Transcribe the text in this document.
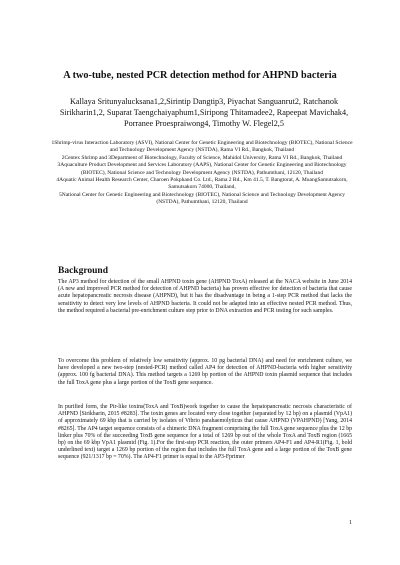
A two-tube, nested PCR detection method for AHPND bacteria
Kallaya Sritunyalucksana1,2,Sirintip Dangtip3, Piyachat Sanguanrut2, Ratchanok Sirikharin1,2, Suparat Taengchaiyaphum1,Siripong Thitamadee2, Rapeepat Mavichak4, Porranee Proespraiwong4, Timothy W. Flegel2,5

1Shrimp-virus Interaction Laboratory (ASVI), National Center for Genetic Engineering and Biotechnology (BIOTEC), National Science and Technology Development Agency (NSTDA), Rama VI Rd., Bangkok, Thailand

2Centex Shrimp and 3Department of Biotechnology, Faculty of Science, Mahidol University, Rama VI Rd., Bangkok, Thailand

3Aquaculture Product Development and Services Laboratory (AAPS), National Center for Genetic Engineering and Biotechnology (BIOTEC), National Science and Technology Development Agency (NSTDA), Pathumthani, 12120, Thailand

4Aquatic Animal Health Research Center, Charoen Pokphand Co. Ltd., Rama 2 Rd., Km 41.5, T. Bangtorat, A. MuangSamutsakorn, Samutsakorn 74000, Thailand,

5National Center for Genetic Engineering and Biotechnology (BIOTEC), National Science and Technology Development Agency (NSTDA), Pathumthani, 12120, Thailand

Background

The AP3 method for detection of the small AHPND toxin gene (AHPND ToxA) released at the NACA website in June 2014 (A new and improved PCR method for detection of AHPND bacteria) has proven effective for detection of bacteria that cause acute hepatopancreatic necrosis disease (AHPND), but it has the disadvantage in being a 1-step PCR method that lacks the sensitivity to detect very low levels of AHPND bacteria. It could not be adapted into an effective nested PCR method. Thus, the method required a bacterial pre-enrichment culture step prior to DNA extraction and PCR testing for such samples.

To overcome this problem of relatively low sensitivity (approx. 10 pg bacterial DNA) and need for enrichment culture, we have developed a new two-step (nested-PCR) method called AP4 for detection of AHPND-bacteria with higher sensitivity (approx. 100 fg bacterial DNA). This method targets a 1269 bp portion of the AHPND toxin plasmid sequence that includes the full ToxA gene plus a large portion of the ToxB gene sequence.

In purified form, the Pir-like toxins(ToxA and ToxB)work together to cause the hepatopancreatic necrosis characteristic of AHPND [Sirikharin, 2015 #8283]. The toxin genes are located very close together (separated by 12 bp) on a plasmid (VpA1) of approximately 69 kbp that is carried by isolates of Vibrio parahaemolyticus that cause AHPND (VPAHPND) [Yang, 2014 #8265]. The AP4 target sequence consists of a chimeric DNA fragment comprising the full ToxA gene sequence plus the 12 bp linker plus 70% of the succeeding ToxB gene sequence for a total of 1269 bp out of the whole ToxA and ToxB region (1665 bp) on the 69 kbp VpA1 plasmid (Fig. 1).For the first-step PCR reaction, the outer primers AP4-F1 and AP4-R1(Fig. 1, bold underlined text) target a 1269 bp portion of the region that includes the full ToxA gene and a large portion of the ToxB gene sequence (921/1317 bp = 70%). The AP4-F1 primer is equal to the AP3-Fprimer

1
